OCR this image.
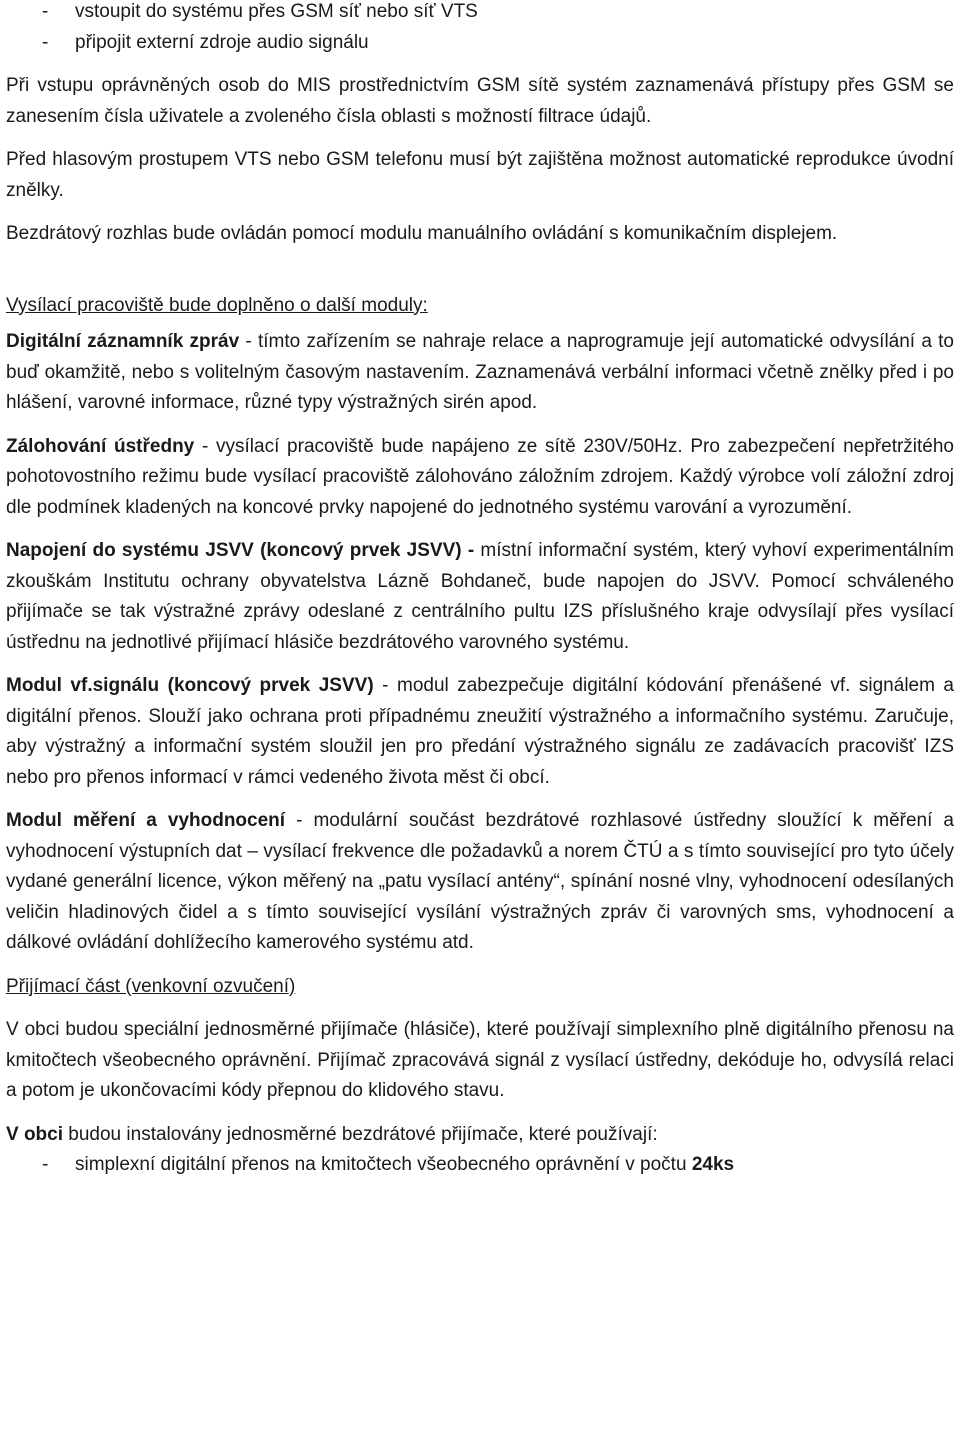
-	vstoupit do systému přes GSM síť nebo síť VTS
-	připojit externí zdroje audio signálu

Při vstupu oprávněných osob do MIS prostřednictvím GSM sítě systém zaznamenává přístupy přes GSM se zanesením čísla uživatele a zvoleného čísla oblasti s možností filtrace údajů.

Před hlasovým prostupem VTS nebo GSM telefonu musí být zajištěna možnost automatické reprodukce úvodní znělky.

Bezdrátový rozhlas bude ovládán pomocí modulu manuálního ovládání s komunikačním displejem.

Vysílací pracoviště bude doplněno o další moduly:

Digitální záznamník zpráv - tímto zařízením se nahraje relace a naprogramuje její automatické odvysílání a to buď okamžitě, nebo s volitelným časovým nastavením. Zaznamenává verbální informaci včetně znělky před i po hlášení, varovné informace, různé typy výstražných sirén apod.

Zálohování ústředny - vysílací pracoviště bude napájeno ze sítě 230V/50Hz. Pro zabezpečení nepřetržitého pohotovostního režimu bude vysílací pracoviště zálohováno záložním zdrojem. Každý výrobce volí záložní zdroj dle podmínek kladených na koncové prvky napojené do jednotného systému varování a vyrozumění.

Napojení do systému JSVV (koncový prvek JSVV) - místní informační systém, který vyhoví experimentálním zkouškám Institutu ochrany obyvatelstva Lázně Bohdaneč, bude napojen do JSVV. Pomocí schváleného přijímače se tak výstražné zprávy odeslané z centrálního pultu IZS příslušného kraje odvysílají přes vysílací ústřednu na jednotlivé přijímací hlásiče bezdrátového varovného systému.

Modul vf.signálu (koncový prvek JSVV) - modul zabezpečuje digitální kódování přenášené vf. signálem a digitální přenos. Slouží jako ochrana proti případnému zneužití výstražného a informačního systému. Zaručuje, aby výstražný a informační systém sloužil jen pro předání výstražného signálu ze zadávacích pracovišť IZS nebo pro přenos informací v rámci vedeného života měst či obcí.

Modul měření a vyhodnocení - modulární součást bezdrátové rozhlasové ústředny sloužící k měření a vyhodnocení výstupních dat – vysílací frekvence dle požadavků a norem ČTÚ a s tímto související pro tyto účely vydané generální licence, výkon měřený na „patu vysílací antény“, spínání nosné vlny, vyhodnocení odesílaných veličin hladinových čidel a s tímto související vysílání výstražných zpráv či varovných sms, vyhodnocení a dálkové ovládání dohlížecího kamerového systému atd.

Přijímací část (venkovní ozvučení)

V obci budou speciální jednosměrné přijímače (hlásiče), které používají simplexního plně digitálního přenosu na kmitočtech všeobecného oprávnění. Přijímač zpracovává signál z vysílací ústředny, dekóduje ho, odvysílá relaci a potom je ukončovacími kódy přepnou do klidového stavu.

V obci budou instalovány jednosměrné bezdrátové přijímače, které používají:

-	simplexní digitální přenos na kmitočtech všeobecného oprávnění v počtu 24ks
